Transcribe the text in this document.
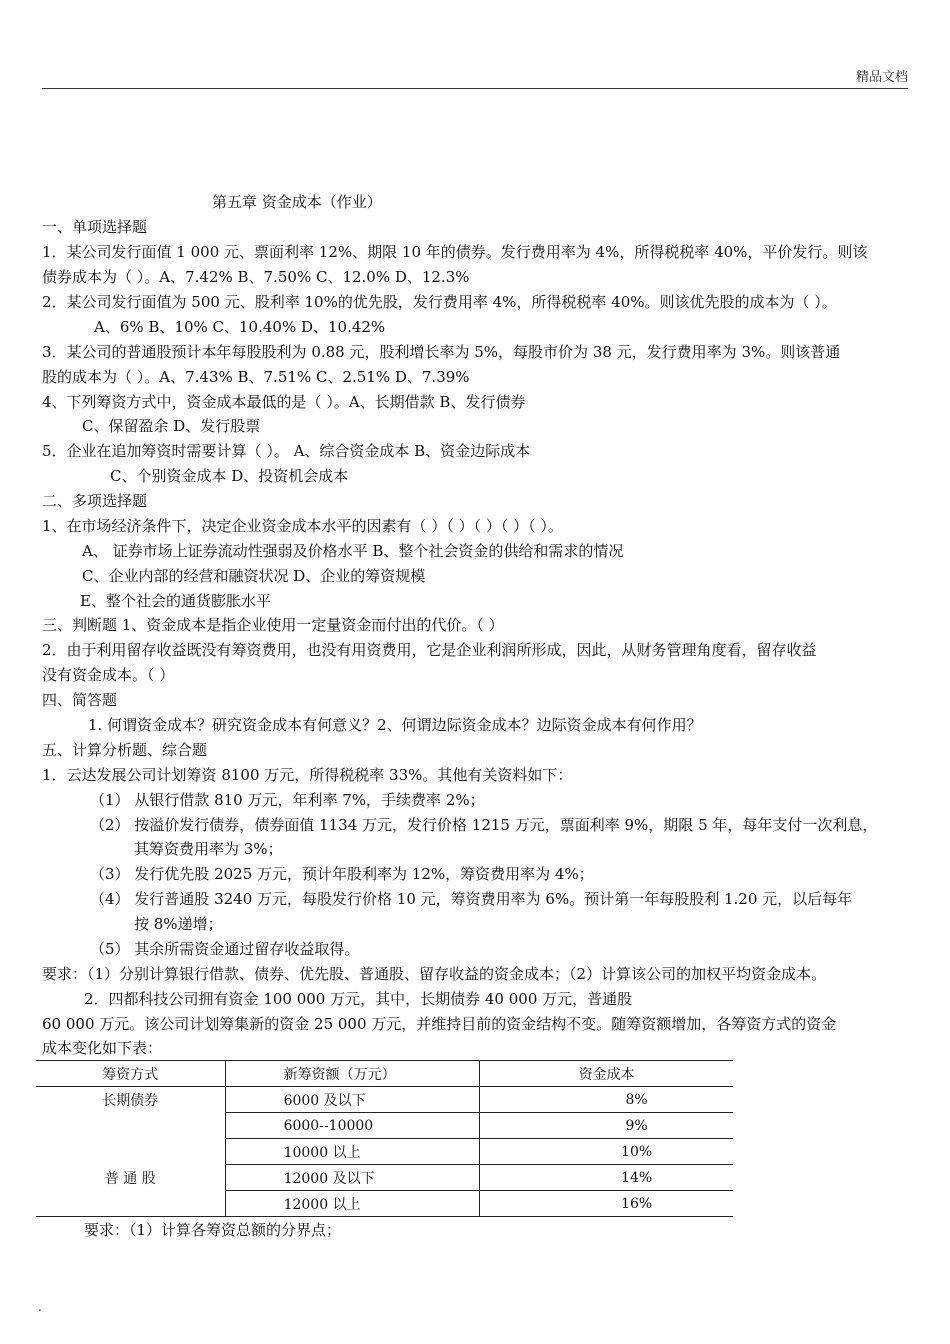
精品文档
第五章 资金成本（作业）
一、单项选择题
1．某公司发行面值 1 000 元、票面利率 12%、期限 10 年的债券。发行费用率为 4%，所得税税率 40%，平价发行。则该
债券成本为（ ）。A、7.42% B、7.50% C、12.0% D、12.3%
2．某公司发行面值为 500 元、股利率 10%的优先股，发行费用率 4%，所得税税率 40%。则该优先股的成本为（ ）。
A、6% B、10% C、10.40% D、10.42%
3．某公司的普通股预计本年每股股利为 0.88 元，股利增长率为 5%，每股市价为 38 元，发行费用率为 3%。则该普通
股的成本为（ ）。A、7.43% B、7.51% C、2.51% D、7.39%
4、下列筹资方式中，资金成本最低的是（ ）。A、长期借款 B、发行债券
C、保留盈余 D、发行股票
5．企业在追加筹资时需要计算（ ）。 A、综合资金成本 B、资金边际成本
C、个别资金成本 D、投资机会成本
二、多项选择题
1、在市场经济条件下，决定企业资金成本水平的因素有（ ）（ ）（ ）（ ）（ ）。
A、 证券市场上证券流动性强弱及价格水平 B、整个社会资金的供给和需求的情况
C、企业内部的经营和融资状况 D、企业的筹资规模
E、整个社会的通货膨胀水平
三、判断题 1、资金成本是指企业使用一定量资金而付出的代价。（ ）
2．由于利用留存收益既没有筹资费用，也没有用资费用，它是企业利润所形成，因此，从财务管理角度看，留存收益
没有资金成本。（ ）
四、简答题
1. 何谓资金成本？研究资金成本有何意义？2、何谓边际资金成本？边际资金成本有何作用？
五、计算分析题、综合题
1．云达发展公司计划筹资 8100 万元，所得税税率 33%。其他有关资料如下：
（1） 从银行借款 810 万元，年利率 7%，手续费率 2%；
（2） 按溢价发行债券，债券面值 1134 万元，发行价格 1215 万元，票面利率 9%，期限 5 年，每年支付一次利息，
其筹资费用率为 3%；
（3） 发行优先股 2025 万元，预计年股利率为 12%，筹资费用率为 4%；
（4） 发行普通股 3240 万元，每股发行价格 10 元，筹资费用率为 6%。预计第一年每股股利 1.20 元，以后每年
按 8%递增；
（5） 其余所需资金通过留存收益取得。
要求：（1）分别计算银行借款、债券、优先股、普通股、留存收益的资金成本；（2）计算该公司的加权平均资金成本。
2．四都科技公司拥有资金 100 000 万元，其中，长期债券 40 000 万元，普通股
60 000 万元。该公司计划筹集新的资金 25 000 万元，并维持目前的资金结构不变。随筹资额增加，各筹资方式的资金
成本变化如下表：
筹资方式	新筹资额（万元）	资金成本
长期债券	6000 及以下	8%
	6000--10000	9%
	10000 以上	10%
普 通 股	12000 及以下	14%
	12000 以上	16%
要求：（1）计算各筹资总额的分界点；
.
